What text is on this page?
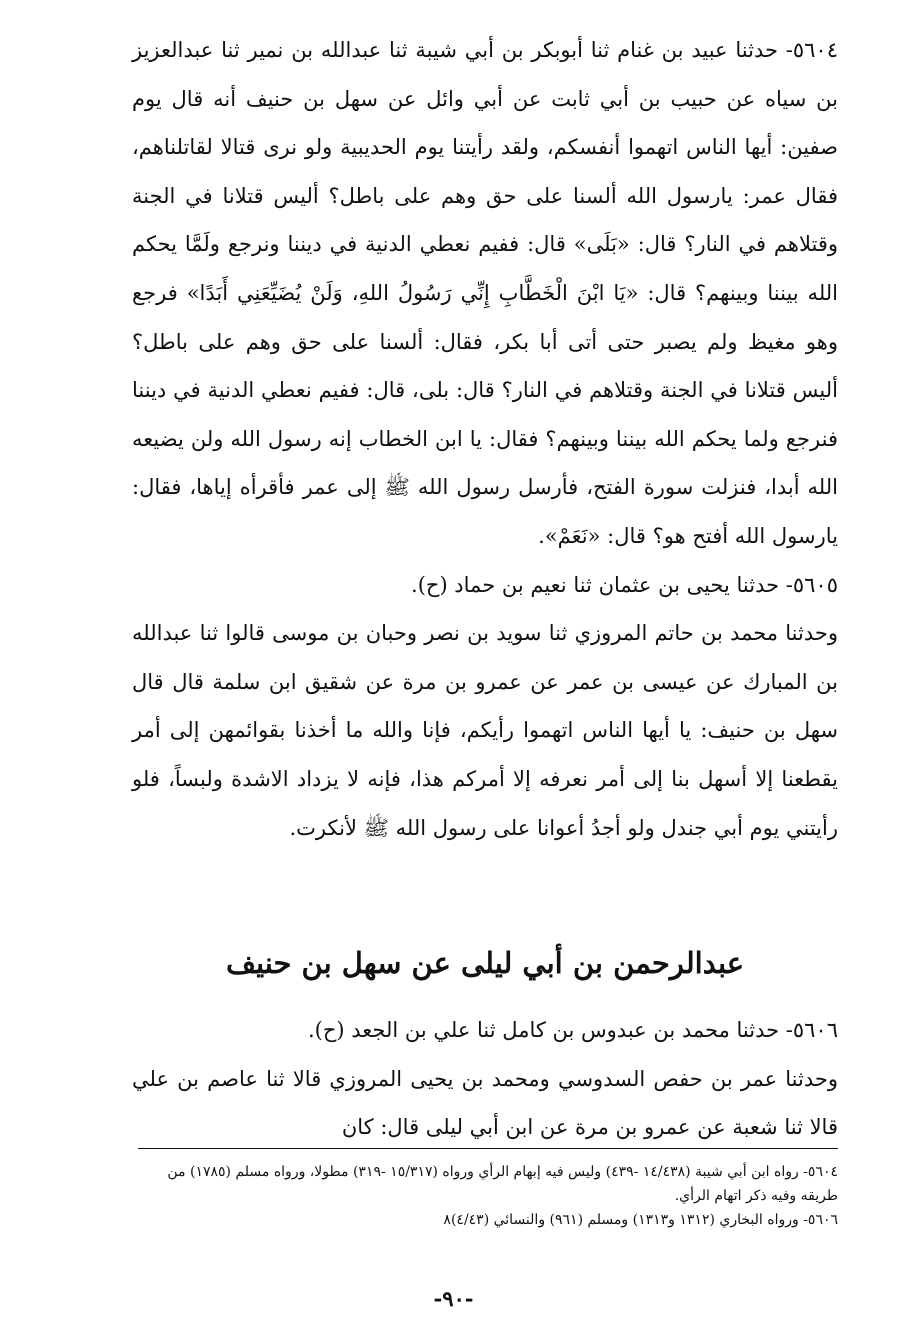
٥٦٠٤- حدثنا عبيد بن غنام ثنا أبوبكر بن أبي شيبة ثنا عبدالله بن نمير ثنا عبدالعزيز بن سياه عن حبيب بن أبي ثابت عن أبي وائل عن سهل بن حنيف أنه قال يوم صفين: أيها الناس اتهموا أنفسكم، ولقد رأيتنا يوم الحديبية ولو نرى قتالا لقاتلناهم، فقال عمر: يارسول الله ألسنا على حق وهم على باطل؟ أليس قتلانا في الجنة وقتلاهم في النار؟ قال: «بَلَى» قال: ففيم نعطي الدنية في ديننا ونرجع ولَمَّا يحكم الله بيننا وبينهم؟ قال: «يَا ابْنَ الْخَطَّابِ إِنِّي رَسُولُ اللهِ، وَلَنْ يُضَيِّعَنِي أَبَدًا» فرجع وهو مغيظ ولم يصبر حتى أتى أبا بكر، فقال: ألسنا على حق وهم على باطل؟ أليس قتلانا في الجنة وقتلاهم في النار؟ قال: بلى، قال: ففيم نعطي الدنية في ديننا فنرجع ولما يحكم الله بيننا وبينهم؟ فقال: يا ابن الخطاب إنه رسول الله ولن يضيعه الله أبدا، فنزلت سورة الفتح، فأرسل رسول الله ﷺ إلى عمر فأقرأه إياها، فقال: يارسول الله أفتح هو؟ قال: «نَعَمْ».

٥٦٠٥- حدثنا يحيى بن عثمان ثنا نعيم بن حماد (ح).

وحدثنا محمد بن حاتم المروزي ثنا سويد بن نصر وحبان بن موسى قالوا ثنا عبدالله بن المبارك عن عيسى بن عمر عن عمرو بن مرة عن شقيق ابن سلمة قال قال سهل بن حنيف: يا أيها الناس اتهموا رأيكم، فإنا والله ما أخذنا بقوائمهن إلى أمر يقطعنا إلا أسهل بنا إلى أمر نعرفه إلا أمركم هذا، فإنه لا يزداد الاشدة ولبساً، فلو رأيتني يوم أبي جندل ولو أجدُ أعوانا على رسول الله ﷺ لأنكرت.

عبدالرحمن بن أبي ليلى عن سهل بن حنيف

٥٦٠٦- حدثنا محمد بن عبدوس بن كامل ثنا علي بن الجعد (ح).

وحدثنا عمر بن حفص السدوسي ومحمد بن يحيى المروزي قالا ثنا عاصم بن علي قالا ثنا شعبة عن عمرو بن مرة عن ابن أبي ليلى قال: كان

٥٦٠٤- رواه ابن أبي شيبة (١٤/٤٣٨ -٤٣٩) وليس فيه إبهام الرأي ورواه (١٥/٣١٧ -٣١٩) مطولا، ورواه مسلم (١٧٨٥) من طريقه وفيه ذكر اتهام الرأي.

٥٦٠٦- ورواه البخاري (١٣١٢ و١٣١٣) ومسلم (٩٦١) والنسائي (٤/٤٣)٨

-٩٠-
